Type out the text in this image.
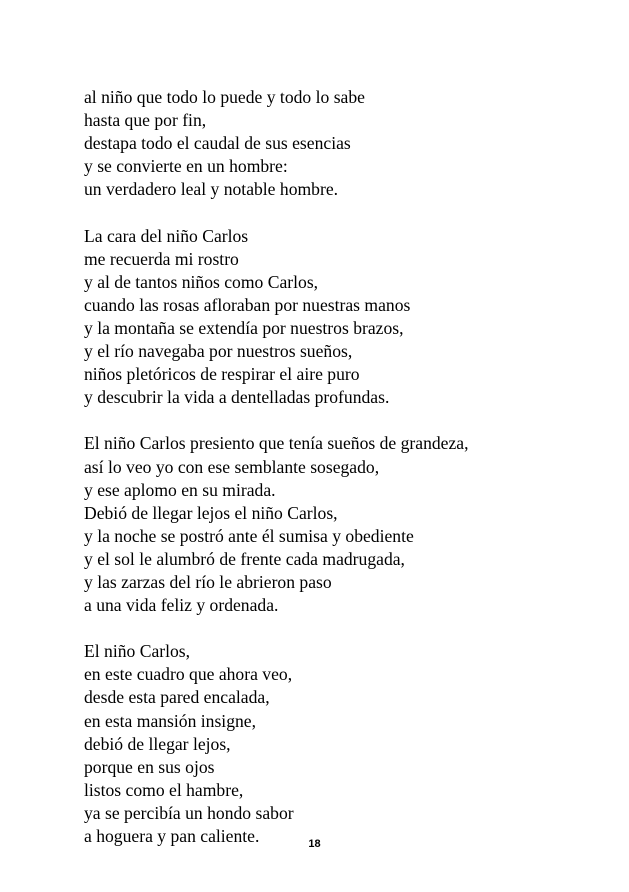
al niño que todo lo puede y todo lo sabe
hasta que por fin,
destapa todo el caudal de sus esencias
y se convierte en un hombre:
un verdadero leal y notable hombre.
La cara del niño Carlos
me recuerda mi rostro
y al de tantos niños como Carlos,
cuando las rosas afloraban por nuestras manos
y la montaña se extendía por nuestros brazos,
y el río navegaba por nuestros sueños,
niños pletóricos de respirar el aire puro
y descubrir la vida a dentelladas profundas.
El niño Carlos presiento que tenía sueños de grandeza,
así lo veo yo con ese semblante sosegado,
y ese aplomo en su mirada.
Debió de llegar lejos el niño Carlos,
y la noche se postró ante él sumisa y obediente
y el sol le alumbró de frente cada madrugada,
y las zarzas del río le abrieron paso
a una vida feliz y ordenada.
El niño Carlos,
en este cuadro que ahora veo,
desde esta pared encalada,
en esta mansión insigne,
debió de llegar lejos,
porque en sus ojos
listos como el hambre,
ya se percibía un hondo sabor
a hoguera y pan caliente.	18
